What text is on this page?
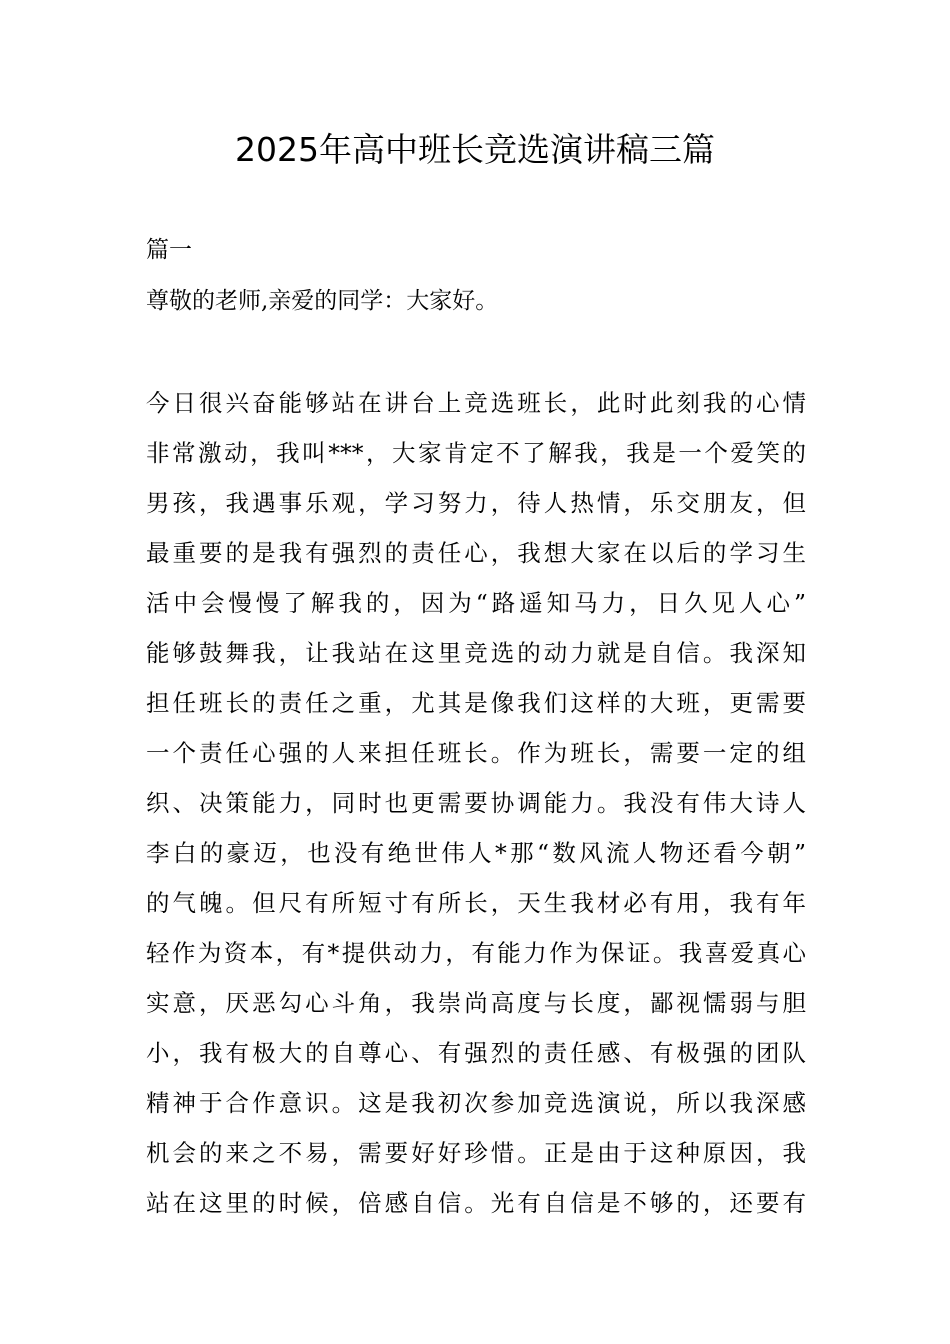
2025年高中班长竞选演讲稿三篇

篇一

尊敬的老师,亲爱的同学：大家好。

今日很兴奋能够站在讲台上竞选班长，此时此刻我的心情
非常激动，我叫***，大家肯定不了解我，我是一个爱笑的
男孩，我遇事乐观，学习努力，待人热情，乐交朋友，但
最重要的是我有强烈的责任心，我想大家在以后的学习生
活中会慢慢了解我的，因为“路遥知马力，日久见人心”
能够鼓舞我，让我站在这里竞选的动力就是自信。我深知
担任班长的责任之重，尤其是像我们这样的大班，更需要
一个责任心强的人来担任班长。作为班长，需要一定的组
织、决策能力，同时也更需要协调能力。我没有伟大诗人
李白的豪迈，也没有绝世伟人*那“数风流人物还看今朝”
的气魄。但尺有所短寸有所长，天生我材必有用，我有年
轻作为资本，有*提供动力，有能力作为保证。我喜爱真心
实意，厌恶勾心斗角，我崇尚高度与长度，鄙视懦弱与胆
小，我有极大的自尊心、有强烈的责任感、有极强的团队
精神于合作意识。这是我初次参加竞选演说，所以我深感
机会的来之不易，需要好好珍惜。正是由于这种原因，我
站在这里的时候，倍感自信。光有自信是不够的，还要有
